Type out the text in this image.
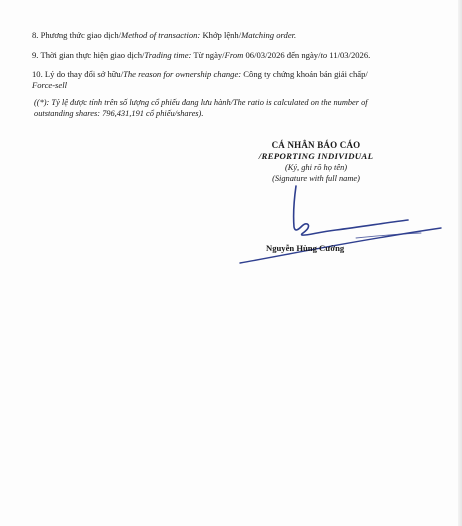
8. Phương thức giao dịch/Method of transaction: Khớp lệnh/Matching order.
9. Thời gian thực hiện giao dịch/Trading time: Từ ngày/From 06/03/2026 đến ngày/to 11/03/2026.
10. Lý do thay đổi sở hữu/The reason for ownership change: Công ty chứng khoán bán giải chấp/
Force-sell
((*): Tỷ lệ được tính trên số lượng cổ phiếu đang lưu hành/The ratio is calculated on the number of
outstanding shares: 796,431,191 cổ phiếu/shares).
CÁ NHÂN BÁO CÁO
/REPORTING INDIVIDUAL
(Ký, ghi rõ họ tên)
(Signature with full name)
Nguyễn Hùng Cường
